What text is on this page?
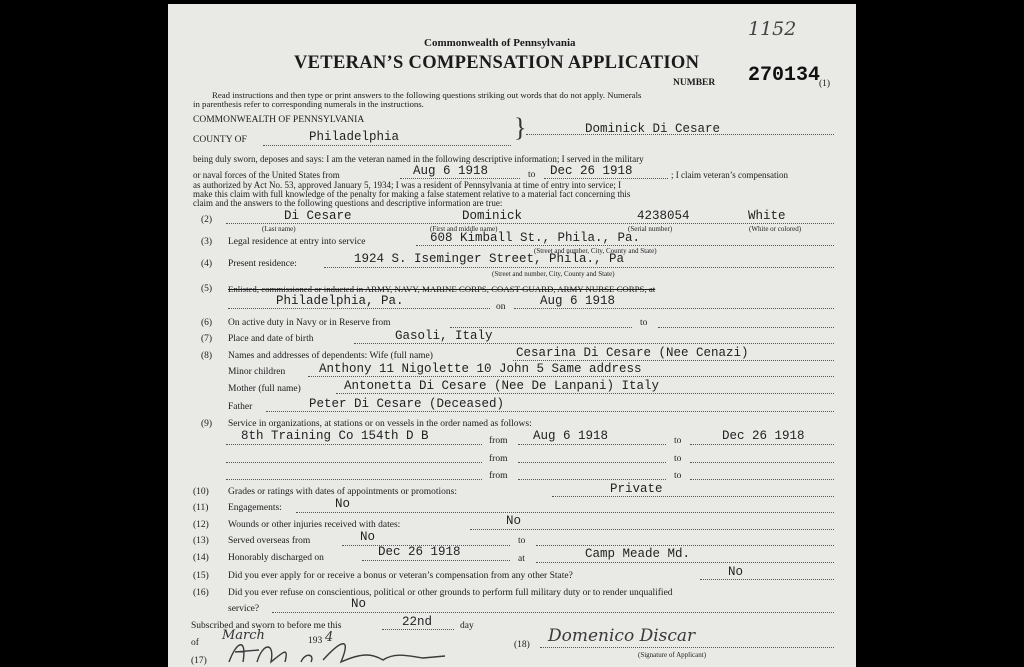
Commonwealth of Pennsylvania
VETERAN’S COMPENSATION APPLICATION
1152
NUMBER 270134
(1)
Read instructions and then type or print answers to the following questions striking out words that do not apply. Numerals
in parenthesis refer to corresponding numerals in the instructions.
COMMONWEALTH OF PENNSYLVANIA
COUNTY OF	Philadelphia	}	Dominick Di Cesare
being duly sworn, deposes and says: I am the veteran named in the following descriptive information; I served in the military
or naval forces of the United States from	Aug 6 1918	to Dec 26 1918	; I claim veteran’s compensation
as authorized by Act No. 53, approved January 5, 1934; I was a resident of Pennsylvania at time of entry into service; I
make this claim with full knowledge of the penalty for making a false statement relative to a material fact concerning this
claim and the answers to the following questions and descriptive information are true:
(2)	Di Cesare	Dominick	4238054	White
(Last name)	(First and middle name)	(Serial number)	(White or colored)
(3) Legal residence at entry into service	608 Kimball St., Phila., Pa.
(Street and number, City, County and State)
(4) Present residence:	1924 S. Iseminger Street, Phila., Pa
(Street and number, City, County and State)
(5) Enlisted, commissioned or inducted in ARMY, NAVY, MARINE CORPS, COAST GUARD, ARMY NURSE CORPS, at
Philadelphia, Pa.	on	Aug 6 1918
(6) On active duty in Navy or in Reserve from	to
(7) Place and date of birth	Gasoli, Italy
(8) Names and addresses of dependents: Wife (full name)	Cesarina Di Cesare (Nee Cenazi)
Minor children	Anthony 11 Nigolette 10 John 5 Same address
Mother (full name)	Antonetta Di Cesare (Nee De Lanpani) Italy
Father	Peter Di Cesare (Deceased)
(9) Service in organizations, at stations or on vessels in the order named as follows:
8th Training Co 154th D B	from Aug 6 1918	to	Dec 26 1918
from	to
from	to
(10) Grades or ratings with dates of appointments or promotions:	Private
(11) Engagements:	No
(12) Wounds or other injuries received with dates:	No
(13) Served overseas from	No	to
(14) Honorably discharged on	Dec 26 1918	at	Camp Meade Md.
(15) Did you ever apply for or receive a bonus or veteran’s compensation from any other State?	No
(16) Did you ever refuse on conscientious, political or other grounds to perform full military duty or to render unqualified
service?	No
Subscribed and sworn to before me this	22nd	day
of March	193 4
(17)
(18) Domenico Discar
(Signature of Applicant)
